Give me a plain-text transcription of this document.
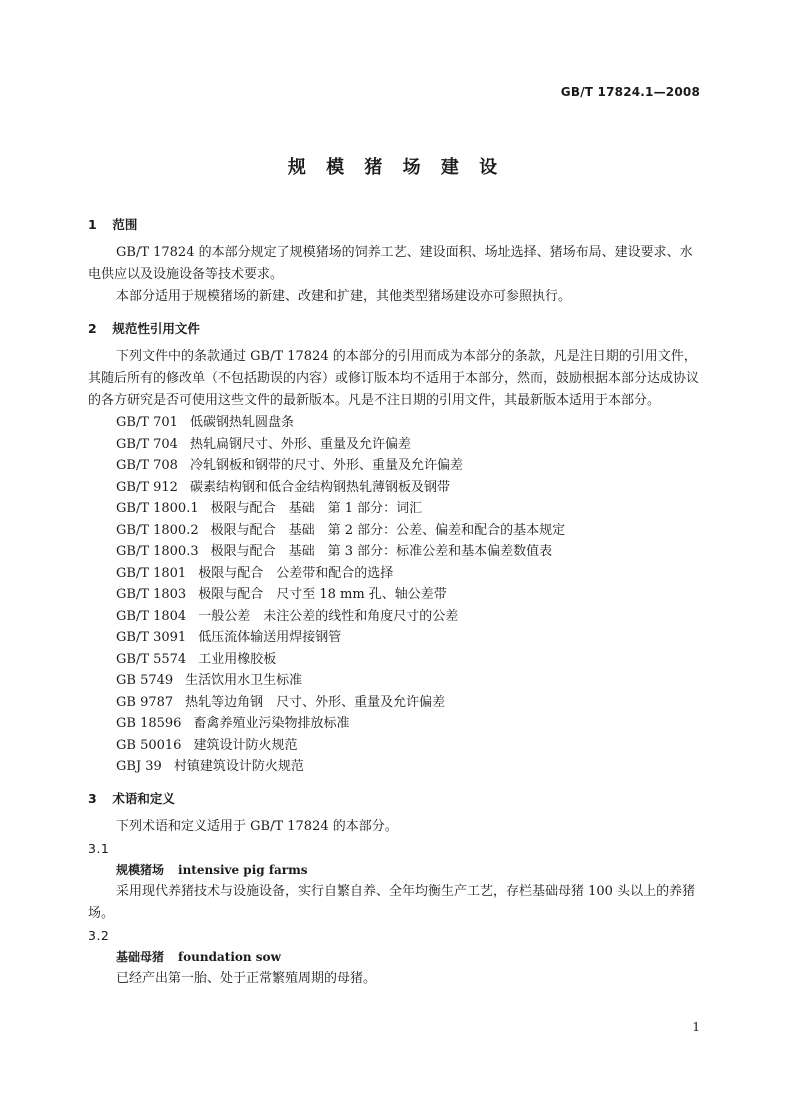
GB/T 17824.1—2008
规 模 猪 场 建 设
1 范围

GB/T 17824 的本部分规定了规模猪场的饲养工艺、建设面积、场址选择、猪场布局、建设要求、水电供应以及设施设备等技术要求。

本部分适用于规模猪场的新建、改建和扩建，其他类型猪场建设亦可参照执行。

2 规范性引用文件

下列文件中的条款通过 GB/T 17824 的本部分的引用而成为本部分的条款，凡是注日期的引用文件，其随后所有的修改单（不包括勘误的内容）或修订版本均不适用于本部分，然而，鼓励根据本部分达成协议的各方研究是否可使用这些文件的最新版本。凡是不注日期的引用文件，其最新版本适用于本部分。

GB/T 701 低碳钢热轧圆盘条
GB/T 704 热轧扁钢尺寸、外形、重量及允许偏差
GB/T 708 冷轧钢板和钢带的尺寸、外形、重量及允许偏差
GB/T 912 碳素结构钢和低合金结构钢热轧薄钢板及钢带
GB/T 1800.1 极限与配合　基础　第 1 部分：词汇
GB/T 1800.2 极限与配合　基础　第 2 部分：公差、偏差和配合的基本规定
GB/T 1800.3 极限与配合　基础　第 3 部分：标准公差和基本偏差数值表
GB/T 1801 极限与配合　公差带和配合的选择
GB/T 1803 极限与配合　尺寸至 18 mm 孔、轴公差带
GB/T 1804 一般公差　未注公差的线性和角度尺寸的公差
GB/T 3091 低压流体输送用焊接钢管
GB/T 5574 工业用橡胶板
GB 5749 生活饮用水卫生标准
GB 9787 热轧等边角钢　尺寸、外形、重量及允许偏差
GB 18596 畜禽养殖业污染物排放标准
GB 50016 建筑设计防火规范
GBJ 39 村镇建筑设计防火规范
3 术语和定义

下列术语和定义适用于 GB/T 17824 的本部分。

3.1
规模猪场 intensive pig farms

采用现代养猪技术与设施设备，实行自繁自养、全年均衡生产工艺，存栏基础母猪 100 头以上的养猪场。

3.2
基础母猪 foundation sow

已经产出第一胎、处于正常繁殖周期的母猪。

1
